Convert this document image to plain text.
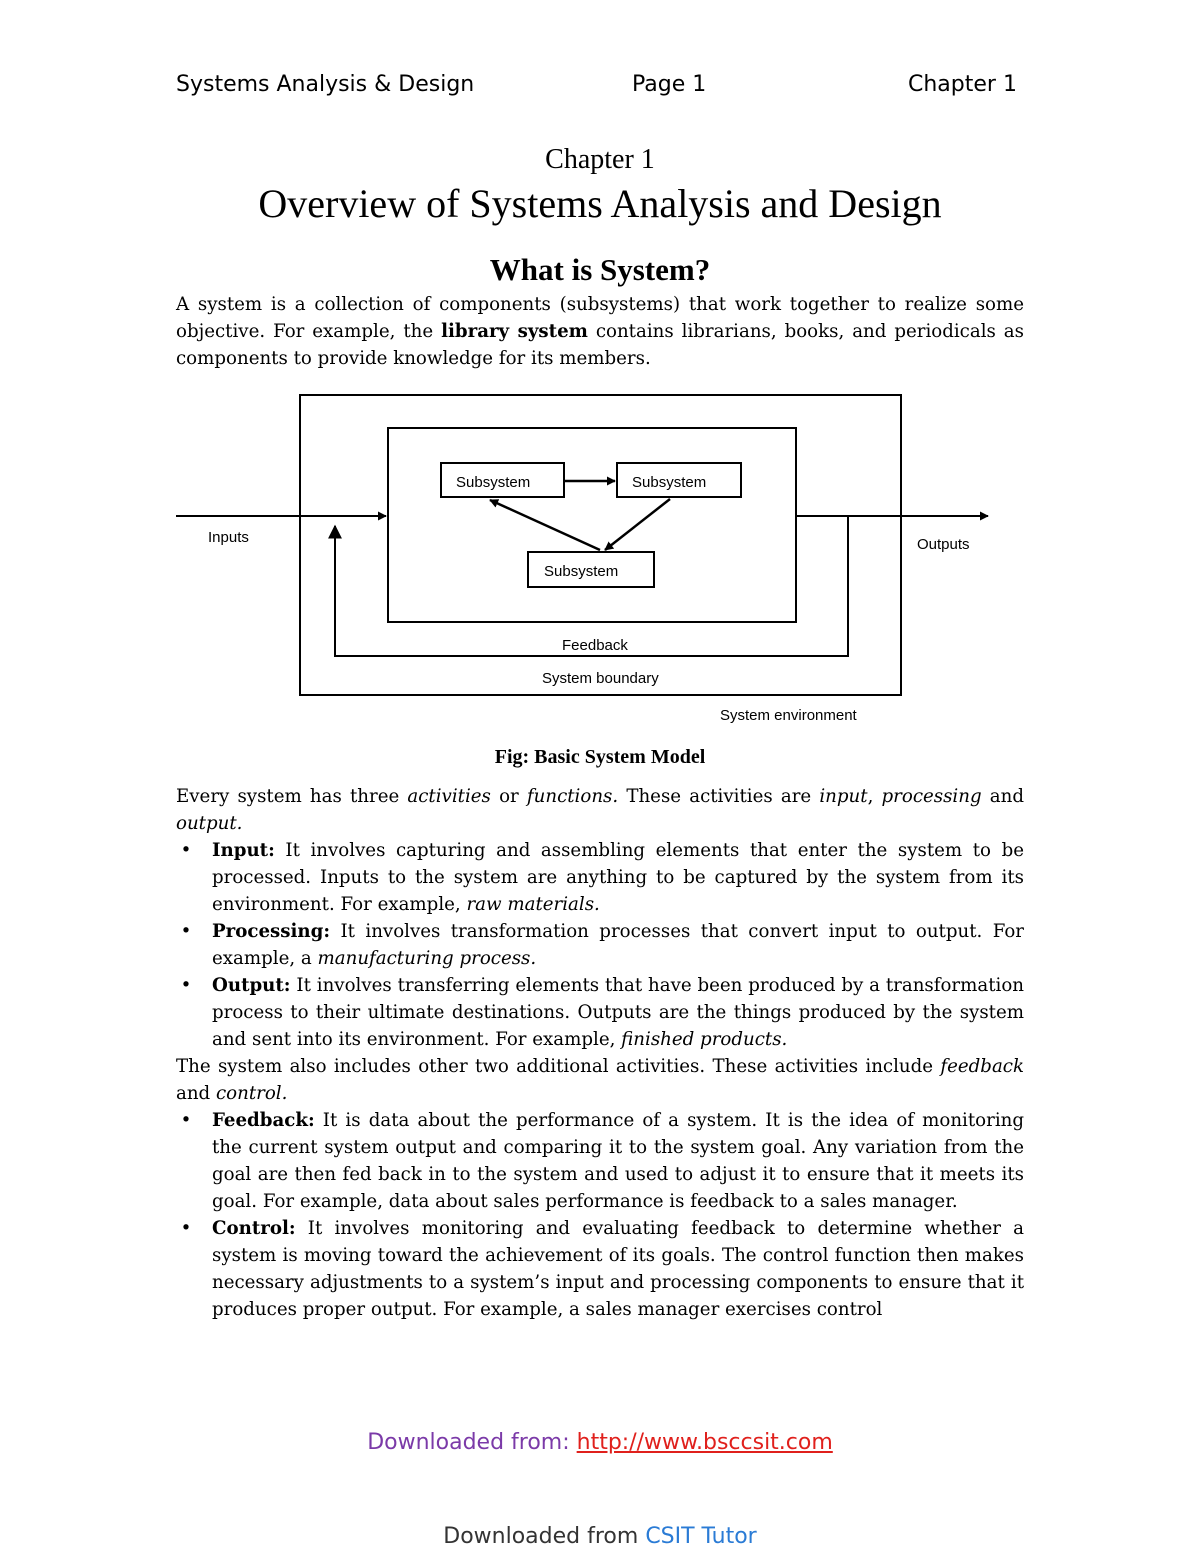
Systems Analysis & Design	Page 1	Chapter 1
Chapter 1
Overview of Systems Analysis and Design
What is System?
A system is a collection of components (subsystems) that work together to realize some objective. For example, the library system contains librarians, books, and periodicals as components to provide knowledge for its members.
Subsystem	Subsystem
Subsystem
Inputs	Outputs
Feedback
System boundary
System environment
Fig: Basic System Model

Every system has three activities or functions. These activities are input, processing and output.

• Input: It involves capturing and assembling elements that enter the system to be processed. Inputs to the system are anything to be captured by the system from its environment. For example, raw materials.
• Processing: It involves transformation processes that convert input to output. For example, a manufacturing process.
• Output: It involves transferring elements that have been produced by a transformation process to their ultimate destinations. Outputs are the things produced by the system and sent into its environment. For example, finished products.

The system also includes other two additional activities. These activities include feedback and control.

• Feedback: It is data about the performance of a system. It is the idea of monitoring the current system output and comparing it to the system goal. Any variation from the goal are then fed back in to the system and used to adjust it to ensure that it meets its goal. For example, data about sales performance is feedback to a sales manager.
• Control: It involves monitoring and evaluating feedback to determine whether a system is moving toward the achievement of its goals. The control function then makes necessary adjustments to a system’s input and processing components to ensure that it produces proper output. For example, a sales manager exercises control
Downloaded from: http://www.bsccsit.com
Downloaded from CSIT Tutor
